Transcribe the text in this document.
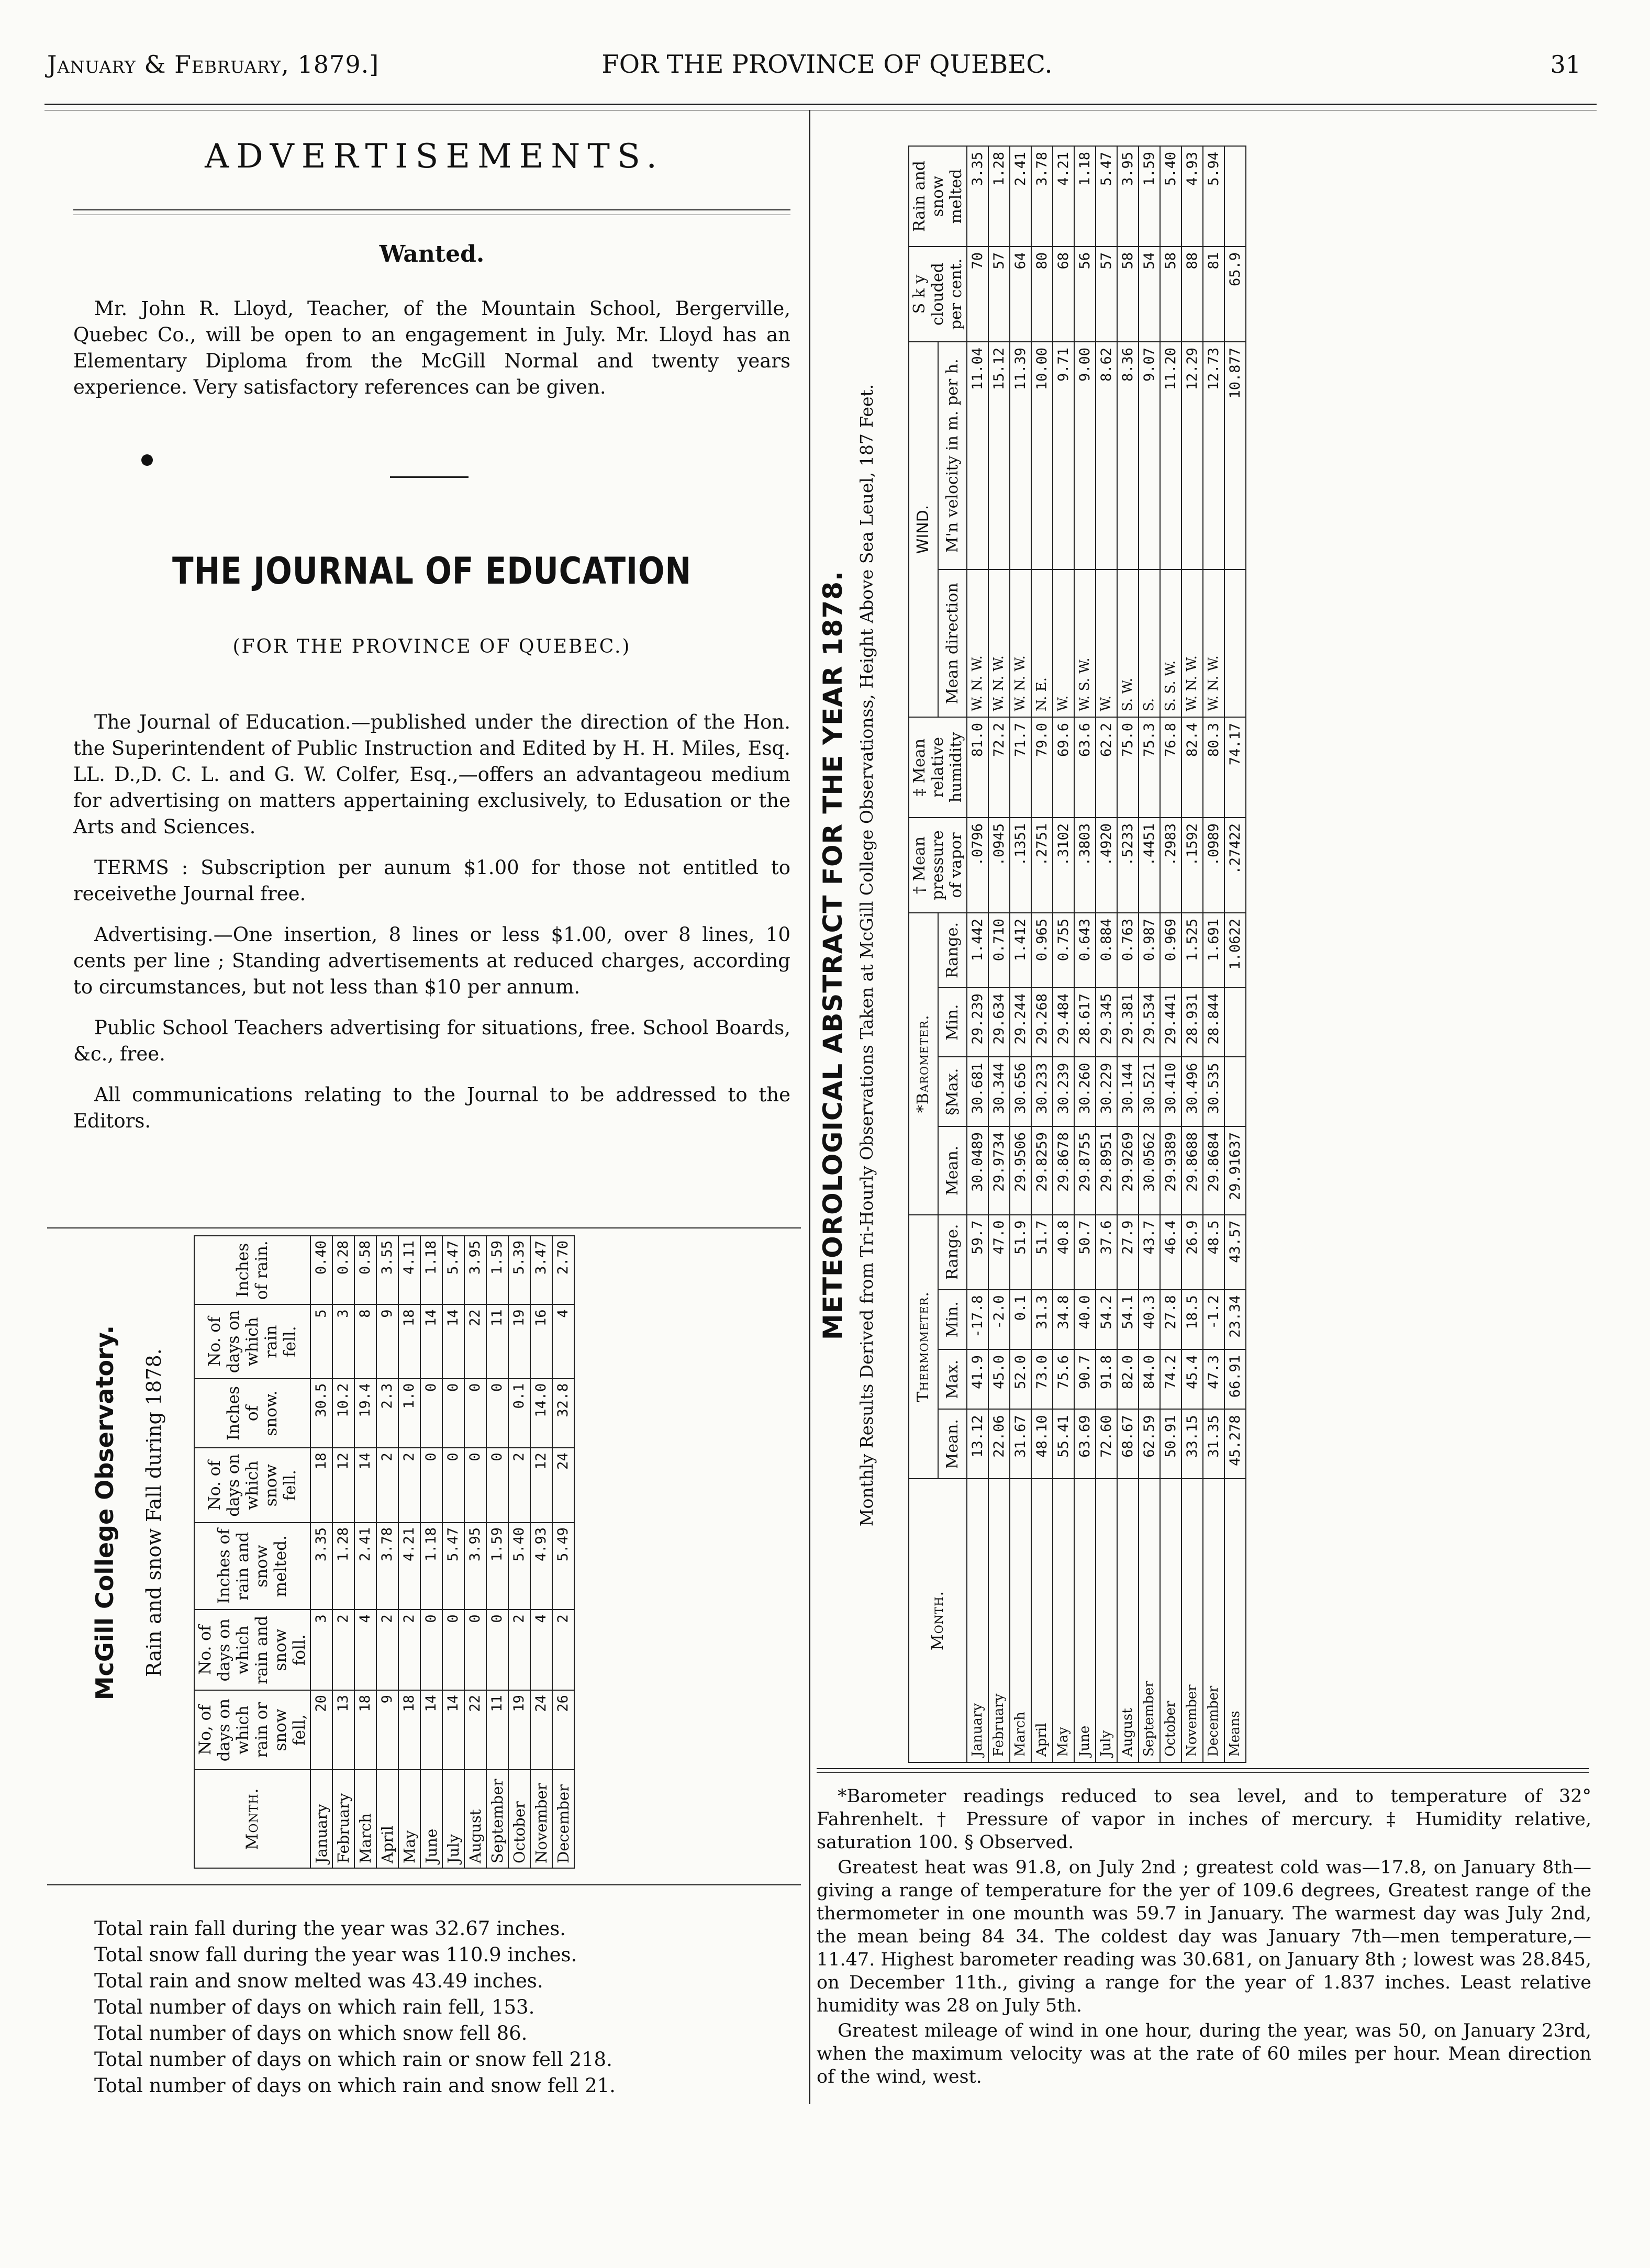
January & February, 1879.]	FOR THE PROVINCE OF QUEBEC.	31
ADVERTISEMENTS.
Wanted.

Mr. John R. Lloyd, Teacher, of the Mountain School, Bergerville, Quebec Co., will be open to an engagement in July. Mr. Lloyd has an Elementary Diploma from the McGill Normal and twenty years experience. Very satisfactory references can be given.

THE JOURNAL OF EDUCATION
(FOR THE PROVINCE OF QUEBEC.)

The Journal of Education.—published under the direction of the Hon. the Superintendent of Public Instruction and Edited by H. H. Miles, Esq. LL. D.,D. C. L. and G. W. Colfer, Esq.,—offers an advantageou medium for advertising on matters appertaining exclusively, to Edusation or the Arts and Sciences.

TERMS : Subscription per aunum $1.00 for those not entitled to receivethe Journal free.

Advertising.—One insertion, 8 lines or less $1.00, over 8 lines, 10 cents per line ; Standing advertisements at reduced charges, according to circumstances, but not less than $10 per annum.

Public School Teachers advertising for situations, free. School Boards, &c., free.

All communications relating to the Journal to be addressed to the Editors.

McGill College Observatory. Rain and snow Fall during 1878.
Month.	No, of days on which rain or snow fell,	No. of days on which rain and snow foll.	Inches of rain and snow melted.	No. of days on which snow fell.	Inches of snow.	No. of days on which rain fell.	Inches of rain.
January	20	3	3.35	18	30.5	5	0.40
February	13	2	1.28	12	10.2	3	0.28
March	18	4	2.41	14	19.4	8	0.58
April	9	2	3.78	2	2.3	9	3.55
May	18	2	4.21	2	1.0	18	4.11
June	14	0	1.18	0	0	14	1.18
July	14	0	5.47	0	0	14	5.47
August	22	0	3.95	0	0	22	3.95
September	11	0	1.59	0	0	11	1.59
October	19	2	5.40	2	0.1	19	5.39
November	24	4	4.93	12	14.0	16	3.47
December	26	2	5.49	24	32.8	4	2.70
Total rain fall during the year was 32.67 inches.
Total snow fall during the year was 110.9 inches.
Total rain and snow melted was 43.49 inches.
Total number of days on which rain fell, 153.
Total number of days on which snow fell 86.
Total number of days on which rain or snow fell 218.
Total number of days on which rain and snow fell 21.
METEOROLOGICAL ABSTRACT FOR THE YEAR 1878. Monthly Results Derived from Tri-Hourly Observations Taken at McGill College Observationss, Height Above Sea Leuel, 187 Feet.
Month.	Thermometer.				*Barometer.				† Mean pressure of vapor	‡ Mean relative humidity	WIND.		S k y clouded per cent.	Rain and snow melted
	Mean.	Max.	Min.	Range.	Mean.	§Max.	Min.	Range.			Mean direction	M'n velocity in m. per h.		
January	13.12	41.9	-17.8	59.7	30.0489	30.681	29.239	1.442	.0796	81.0	W. N. W.	11.04	70	3.35
February	22.06	45.0	-2.0	47.0	29.9734	30.344	29.634	0.710	.0945	72.2	W. N. W.	15.12	57	1.28
March	31.67	52.0	0.1	51.9	29.9506	30.656	29.244	1.412	.1351	71.7	W. N. W.	11.39	64	2.41
April	48.10	73.0	31.3	51.7	29.8259	30.233	29.268	0.965	.2751	79.0	N. E.	10.00	80	3.78
May	55.41	75.6	34.8	40.8	29.8678	30.239	29.484	0.755	.3102	69.6	W.	9.71	68	4.21
June	63.69	90.7	40.0	50.7	29.8755	30.260	28.617	0.643	.3803	63.6	W. S. W.	9.00	56	1.18
July	72.60	91.8	54.2	37.6	29.8951	30.229	29.345	0.884	.4920	62.2	W.	8.62	57	5.47
August	68.67	82.0	54.1	27.9	29.9269	30.144	29.381	0.763	.5233	75.0	S. W.	8.36	58	3.95
September	62.59	84.0	40.3	43.7	30.0562	30.521	29.534	0.987	.4451	75.3	S.	9.07	54	1.59
October	50.91	74.2	27.8	46.4	29.9389	30.410	29.441	0.969	.2983	76.8	S. S. W.	11.20	58	5.40
November	33.15	45.4	18.5	26.9	29.8688	30.496	28.931	1.525	.1592	82.4	W. N. W.	12.29	88	4.93
December	31.35	47.3	-1.2	48.5	29.8684	30.535	28.844	1.691	.0989	80.3	W. N. W.	12.73	81	5.94
Means	45.278	66.91	23.34	43.57	29.91637			1.0622	.27422	74.17		10.877	65.9	

*Barometer readings reduced to sea level, and to temperature of 32° Fahrenhelt. † Pressure of vapor in inches of mercury. ‡ Humidity relative, saturation 100. § Observed.

Greatest heat was 91.8, on July 2nd ; greatest cold was—17.8, on January 8th—giving a range of temperature for the yer of 109.6 degrees, Greatest range of the thermometer in one mounth was 59.7 in January. The warmest day was July 2nd, the mean being 84 34. The coldest day was January 7th—men temperature,—11.47. Highest barometer reading was 30.681, on January 8th ; lowest was 28.845, on December 11th., giving a range for the year of 1.837 inches. Least relative humidity was 28 on July 5th.

Greatest mileage of wind in one hour, during the year, was 50, on January 23rd, when the maximum velocity was at the rate of 60 miles per hour. Mean direction of the wind, west.
